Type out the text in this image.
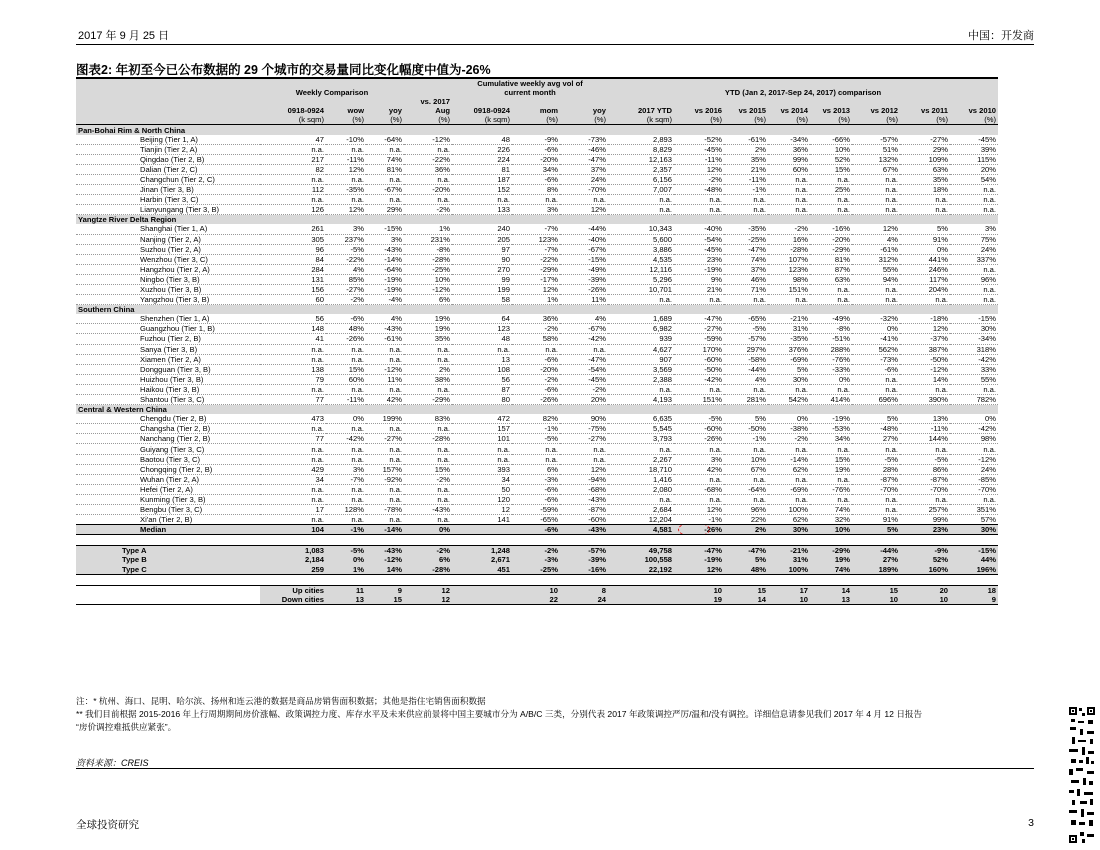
2017 年 9 月 25 日	中国：开发商
图表2: 年初至今已公布数据的 29 个城市的交易量同比变化幅度中值为-26%
					Cumulative weekly avg vol of										
	Weekly Comparison				current month			YTD (Jan 2, 2017-Sep 24, 2017) comparison							
				vs. 2017											
	0918-0924	wow	yoy	Aug	0918-0924	mom	yoy	2017 YTD	vs 2016	vs 2015	vs 2014	vs 2013	vs 2012	vs 2011	vs 2010
	(k sqm)	(%)	(%)	(%)	(k sqm)	(%)	(%)	(k sqm)	(%)	(%)	(%)	(%)	(%)	(%)	(%)
Pan-Bohai Rim & North China															
Beijing (Tier 1, A)	47	-10%	-64%	-12%	48	-9%	-73%	2,893	-52%	-61%	-34%	-66%	-57%	-27%	-45%
Tianjin (Tier 2, A)	n.a.	n.a.	n.a.	n.a.	226	-6%	-46%	8,829	-45%	2%	36%	10%	51%	29%	39%
Qingdao (Tier 2, B)	217	-11%	74%	-22%	224	-20%	-47%	12,163	-11%	35%	99%	52%	132%	109%	115%
Dalian (Tier 2, C)	82	12%	81%	36%	81	34%	37%	2,357	12%	21%	60%	15%	67%	63%	20%
Changchun (Tier 2, C)	n.a.	n.a.	n.a.	n.a.	187	-6%	24%	6,156	-2%	-11%	n.a.	n.a.	n.a.	35%	54%
Jinan (Tier 3, B)	112	-35%	-67%	-20%	152	8%	-70%	7,007	-48%	-1%	n.a.	25%	n.a.	18%	n.a.
Harbin (Tier 3, C)	n.a.	n.a.	n.a.	n.a.	n.a.	n.a.	n.a.	n.a.	n.a.	n.a.	n.a.	n.a.	n.a.	n.a.	n.a.
Lianyungang (Tier 3, B)	126	12%	29%	-2%	133	3%	12%	n.a.	n.a.	n.a.	n.a.	n.a.	n.a.	n.a.	n.a.
Yangtze River Delta Region															
Shanghai (Tier 1, A)	261	3%	-15%	1%	240	-7%	-44%	10,343	-40%	-35%	-2%	-16%	12%	5%	3%
Nanjing (Tier 2, A)	305	237%	3%	231%	205	123%	-40%	5,600	-54%	-25%	16%	-20%	4%	91%	75%
Suzhou (Tier 2, A)	96	-5%	-43%	-8%	97	-7%	-67%	3,886	-45%	-47%	-28%	-29%	-61%	0%	24%
Wenzhou (Tier 3, C)	84	-22%	-14%	-28%	90	-22%	-15%	4,535	23%	74%	107%	81%	312%	441%	337%
Hangzhou (Tier 2, A)	284	4%	-64%	-25%	270	-29%	-49%	12,116	-19%	37%	123%	87%	55%	246%	n.a.
Ningbo (Tier 3, B)	131	85%	-19%	10%	99	-17%	-39%	5,296	9%	46%	98%	63%	94%	117%	96%
Xuzhou (Tier 3, B)	156	-27%	-19%	-12%	199	12%	-26%	10,701	21%	71%	151%	n.a.	n.a.	204%	n.a.
Yangzhou (Tier 3, B)	60	-2%	-4%	6%	58	1%	11%	n.a.	n.a.	n.a.	n.a.	n.a.	n.a.	n.a.	n.a.
Southern China															
Shenzhen (Tier 1, A)	56	-6%	4%	19%	64	36%	4%	1,689	-47%	-65%	-21%	-49%	-32%	-18%	-15%
Guangzhou (Tier 1, B)	148	48%	-43%	19%	123	-2%	-67%	6,982	-27%	-5%	31%	-8%	0%	12%	30%
Fuzhou (Tier 2, B)	41	-26%	-61%	35%	48	58%	-42%	939	-59%	-57%	-35%	-51%	-41%	-37%	-34%
Sanya (Tier 3, B)	n.a.	n.a.	n.a.	n.a.	n.a.	n.a.	n.a.	4,627	170%	297%	376%	288%	562%	387%	318%
Xiamen (Tier 2, A)	n.a.	n.a.	n.a.	n.a.	13	-6%	-47%	907	-60%	-58%	-69%	-76%	-73%	-50%	-42%
Dongguan (Tier 3, B)	138	15%	-12%	2%	108	-20%	-54%	3,569	-50%	-44%	5%	-33%	-6%	-12%	33%
Huizhou (Tier 3, B)	79	60%	11%	38%	56	-2%	-45%	2,388	-42%	4%	30%	0%	n.a.	14%	55%
Haikou (Tier 3, B)	n.a.	n.a.	n.a.	n.a.	87	-6%	-2%	n.a.	n.a.	n.a.	n.a.	n.a.	n.a.	n.a.	n.a.
Shantou (Tier 3, C)	77	-11%	42%	-29%	80	-26%	20%	4,193	151%	281%	542%	414%	696%	390%	782%
Central & Western China															
Chengdu (Tier 2, B)	473	0%	199%	83%	472	82%	90%	6,635	-5%	5%	0%	-19%	5%	13%	0%
Changsha (Tier 2, B)	n.a.	n.a.	n.a.	n.a.	157	-1%	-75%	5,545	-60%	-50%	-38%	-53%	-48%	-11%	-42%
Nanchang (Tier 2, B)	77	-42%	-27%	-28%	101	-5%	-27%	3,793	-26%	-1%	-2%	34%	27%	144%	98%
Guiyang (Tier 3, C)	n.a.	n.a.	n.a.	n.a.	n.a.	n.a.	n.a.	n.a.	n.a.	n.a.	n.a.	n.a.	n.a.	n.a.	n.a.
Baotou (Tier 3, C)	n.a.	n.a.	n.a.	n.a.	n.a.	n.a.	n.a.	2,267	3%	10%	-14%	15%	-5%	-5%	-12%
Chongqing (Tier 2, B)	429	3%	157%	15%	393	6%	12%	18,710	42%	67%	62%	19%	28%	86%	24%
Wuhan (Tier 2, A)	34	-7%	-92%	-2%	34	-3%	-94%	1,416	n.a.	n.a.	n.a.	n.a.	-87%	-87%	-85%
Hefei (Tier 2, A)	n.a.	n.a.	n.a.	n.a.	50	-6%	-68%	2,080	-68%	-64%	-69%	-76%	-70%	-70%	-70%
Kunming (Tier 3, B)	n.a.	n.a.	n.a.	n.a.	120	-6%	-43%	n.a.	n.a.	n.a.	n.a.	n.a.	n.a.	n.a.	n.a.
Bengbu (Tier 3, C)	17	128%	-78%	-43%	12	-59%	-87%	2,684	12%	96%	100%	74%	n.a.	257%	351%
Xi'an (Tier 2, B)	n.a.	n.a.	n.a.	n.a.	141	-65%	-60%	12,204	-1%	22%	62%	32%	91%	99%	57%
Median	104	-1%	-14%	0%		-6%	-43%	4,581	-26%	2%	30%	10%	5%	23%	30%

Type A	1,083	-5%	-43%	-2%	1,248	-2%	-57%	49,758	-47%	-47%	-21%	-29%	-44%	-9%	-15%
Type B	2,184	0%	-12%	6%	2,671	-3%	-39%	100,558	-19%	5%	31%	19%	27%	52%	44%
Type C	259	1%	14%	-28%	451	-25%	-16%	22,192	12%	48%	100%	74%	189%	160%	196%

	Up cities	11	9	12		10	8		10	15	17	14	15	20	18
	Down cities	13	15	12		22	24		19	14	10	13	10	10	9
注：* 杭州、海口、昆明、哈尔滨、扬州和连云港的数据是商品房销售面积数据；其他是指住宅销售面积数据
** 我们目前根据 2015-2016 年上行周期期间房价涨幅、政策调控力度、库存水平及未来供应前景将中国主要城市分为 A/B/C 三类，分别代表 2017 年政策调控严厉/温和/没有调控。详细信息请参见我们 2017 年 4 月 12 日报告
“房价调控难抵供应紧张”。
资料来源：CREIS
全球投资研究	3
